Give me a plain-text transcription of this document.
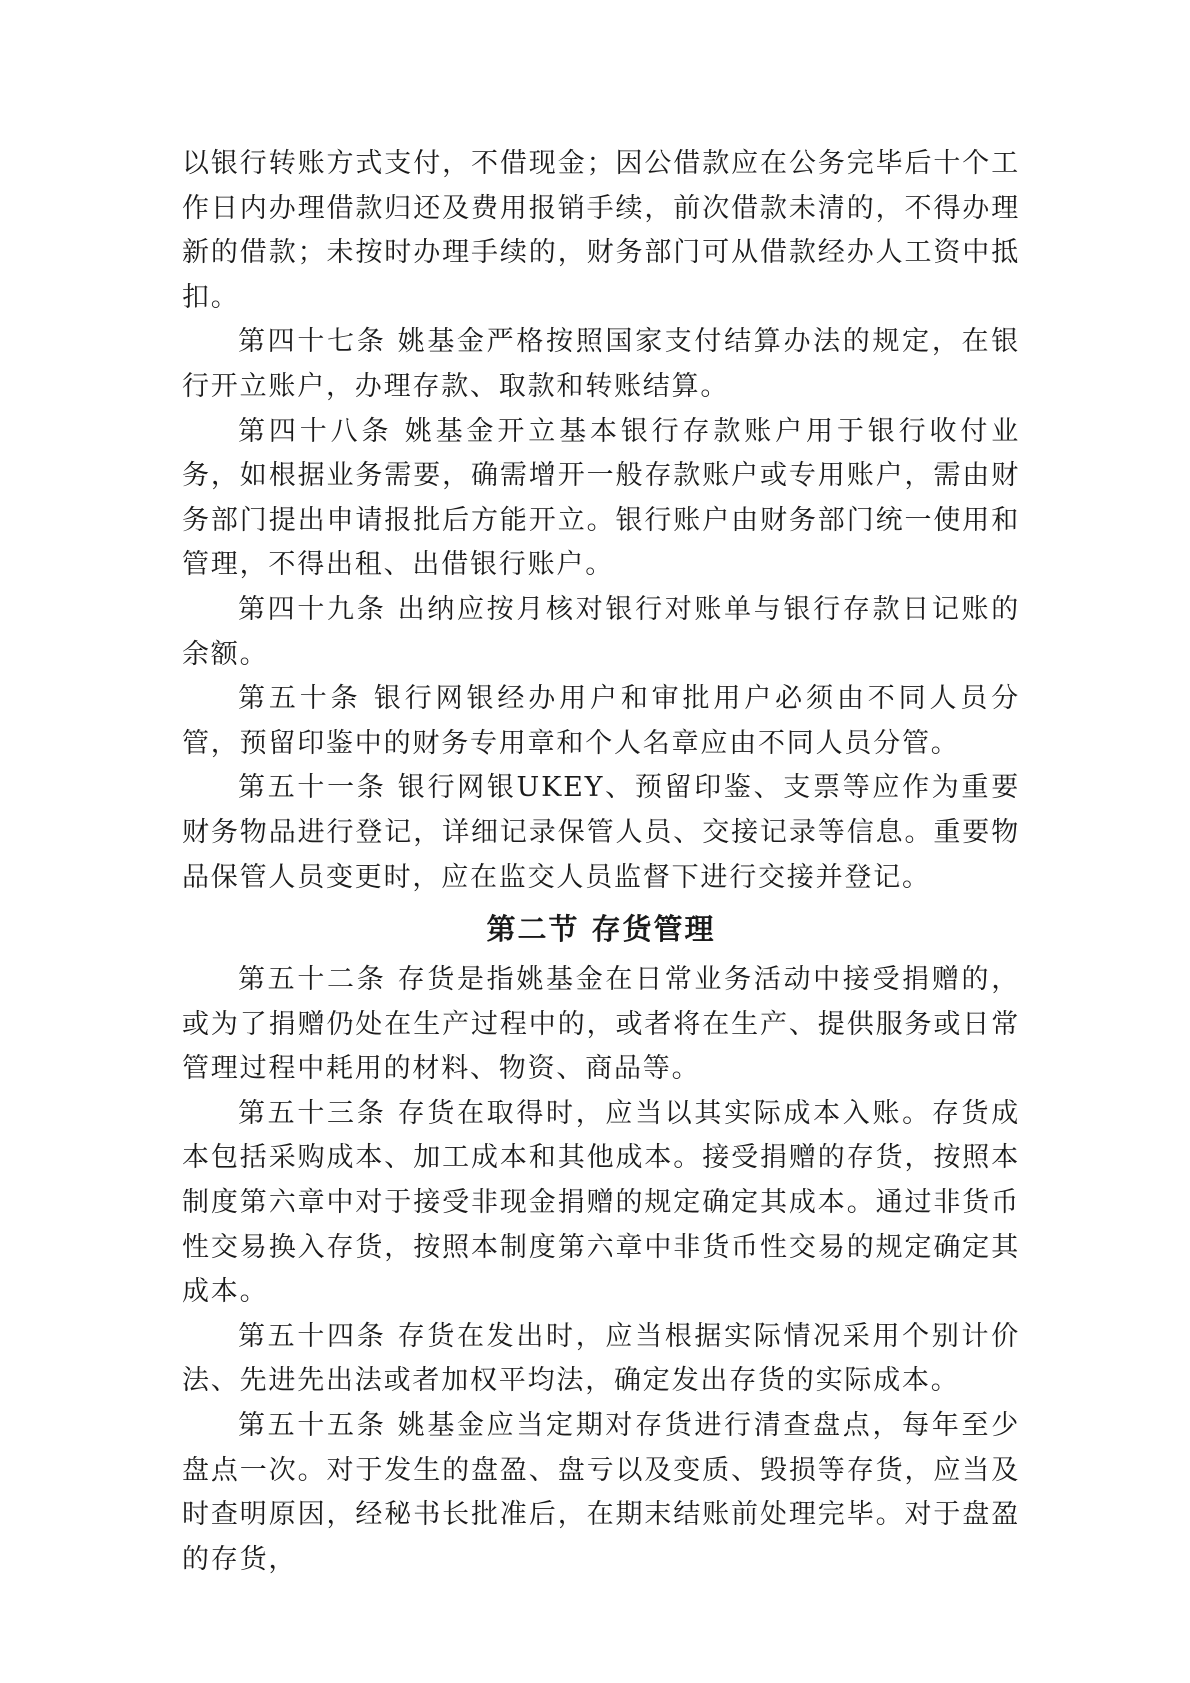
以银行转账方式支付，不借现金；因公借款应在公务完毕后十个工作日内办理借款归还及费用报销手续，前次借款未清的，不得办理新的借款；未按时办理手续的，财务部门可从借款经办人工资中抵扣。

第四十七条 姚基金严格按照国家支付结算办法的规定，在银行开立账户，办理存款、取款和转账结算。

第四十八条 姚基金开立基本银行存款账户用于银行收付业务，如根据业务需要，确需增开一般存款账户或专用账户，需由财务部门提出申请报批后方能开立。银行账户由财务部门统一使用和管理，不得出租、出借银行账户。

第四十九条 出纳应按月核对银行对账单与银行存款日记账的余额。

第五十条 银行网银经办用户和审批用户必须由不同人员分管，预留印鉴中的财务专用章和个人名章应由不同人员分管。

第五十一条 银行网银UKEY、预留印鉴、支票等应作为重要财务物品进行登记，详细记录保管人员、交接记录等信息。重要物品保管人员变更时，应在监交人员监督下进行交接并登记。

第二节 存货管理

第五十二条 存货是指姚基金在日常业务活动中接受捐赠的，或为了捐赠仍处在生产过程中的，或者将在生产、提供服务或日常管理过程中耗用的材料、物资、商品等。

第五十三条 存货在取得时，应当以其实际成本入账。存货成本包括采购成本、加工成本和其他成本。接受捐赠的存货，按照本制度第六章中对于接受非现金捐赠的规定确定其成本。通过非货币性交易换入存货，按照本制度第六章中非货币性交易的规定确定其成本。

第五十四条 存货在发出时，应当根据实际情况采用个别计价法、先进先出法或者加权平均法，确定发出存货的实际成本。

第五十五条 姚基金应当定期对存货进行清查盘点，每年至少盘点一次。对于发生的盘盈、盘亏以及变质、毁损等存货，应当及时查明原因，经秘书长批准后，在期末结账前处理完毕。对于盘盈的存货，
